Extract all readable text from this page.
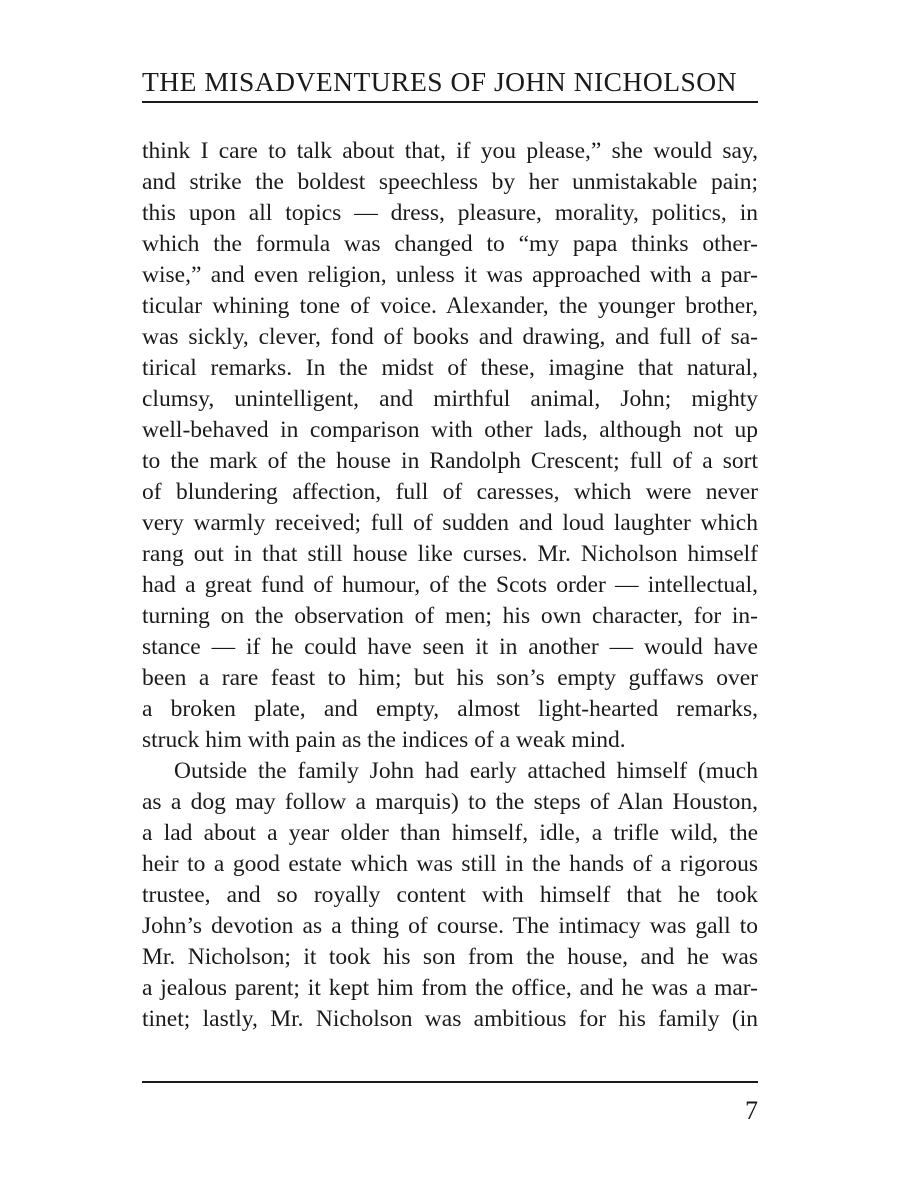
THE MISADVENTURES OF JOHN NICHOLSON
think I care to talk about that, if you please,” she would say,
and strike the boldest speechless by her unmistakable pain;
this upon all topics — dress, pleasure, morality, politics, in
which the formula was changed to “my papa thinks other-
wise,” and even religion, unless it was approached with a par-
ticular whining tone of voice. Alexander, the younger brother,
was sickly, clever, fond of books and drawing, and full of sa-
tirical remarks. In the midst of these, imagine that natural,
clumsy, unintelligent, and mirthful animal, John; mighty
well-behaved in comparison with other lads, although not up
to the mark of the house in Randolph Crescent; full of a sort
of blundering affection, full of caresses, which were never
very warmly received; full of sudden and loud laughter which
rang out in that still house like curses. Mr. Nicholson himself
had a great fund of humour, of the Scots order — intellectual,
turning on the observation of men; his own character, for in-
stance — if he could have seen it in another — would have
been a rare feast to him; but his son’s empty guffaws over
a broken plate, and empty, almost light-hearted remarks,
struck him with pain as the indices of a weak mind.
Outside the family John had early attached himself (much
as a dog may follow a marquis) to the steps of Alan Houston,
a lad about a year older than himself, idle, a trifle wild, the
heir to a good estate which was still in the hands of a rigorous
trustee, and so royally content with himself that he took
John’s devotion as a thing of course. The intimacy was gall to
Mr. Nicholson; it took his son from the house, and he was
a jealous parent; it kept him from the office, and he was a mar-
tinet; lastly, Mr. Nicholson was ambitious for his family (in
7
